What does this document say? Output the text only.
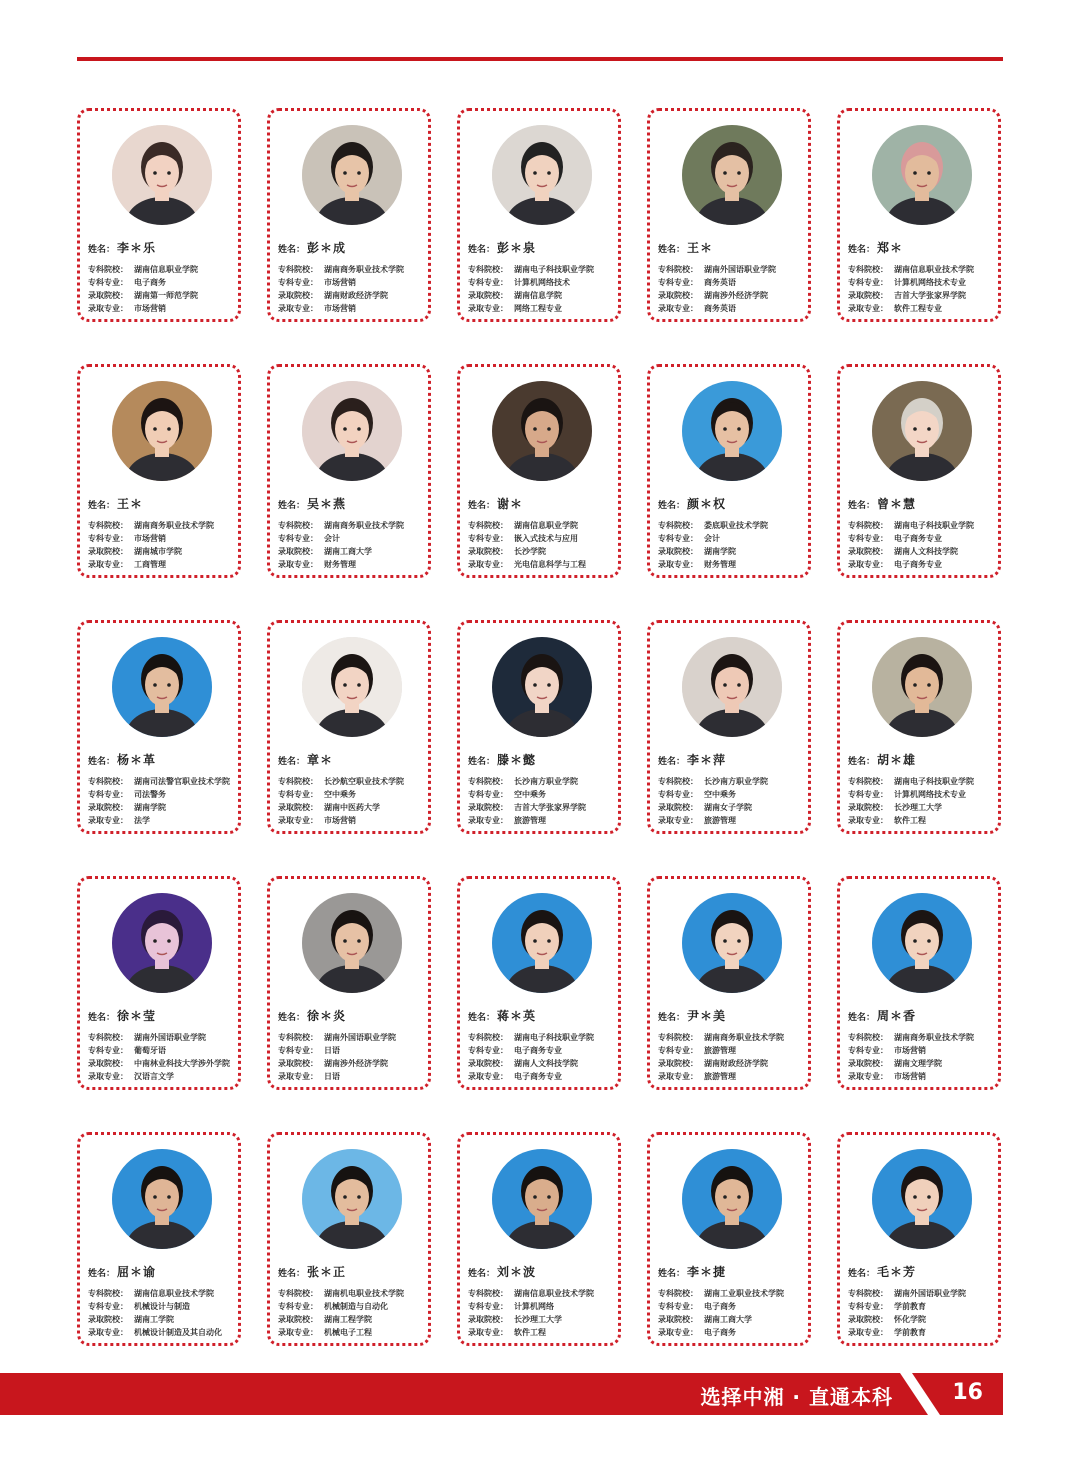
姓名： 李＊乐
专科院校： 湖南信息职业学院
专科专业： 电子商务
录取院校： 湖南第一师范学院
录取专业： 市场营销
姓名： 彭＊成
专科院校： 湖南商务职业技术学院
专科专业： 市场营销
录取院校： 湖南财政经济学院
录取专业： 市场营销
姓名： 彭＊泉
专科院校： 湖南电子科技职业学院
专科专业： 计算机网络技术
录取院校： 湖南信息学院
录取专业： 网络工程专业
姓名： 王＊
专科院校： 湖南外国语职业学院
专科专业： 商务英语
录取院校： 湖南涉外经济学院
录取专业： 商务英语
姓名： 郑＊
专科院校： 湖南信息职业技术学院
专科专业： 计算机网络技术专业
录取院校： 吉首大学张家界学院
录取专业： 软件工程专业
姓名： 王＊
专科院校： 湖南商务职业技术学院
专科专业： 市场营销
录取院校： 湖南城市学院
录取专业： 工商管理
姓名： 吴＊燕
专科院校： 湖南商务职业技术学院
专科专业： 会计
录取院校： 湖南工商大学
录取专业： 财务管理
姓名： 谢＊
专科院校： 湖南信息职业学院
专科专业： 嵌入式技术与应用
录取院校： 长沙学院
录取专业： 光电信息科学与工程
姓名： 颜＊权
专科院校： 娄底职业技术学院
专科专业： 会计
录取院校： 湖南学院
录取专业： 财务管理
姓名： 曾＊慧
专科院校： 湖南电子科技职业学院
专科专业： 电子商务专业
录取院校： 湖南人文科技学院
录取专业： 电子商务专业
姓名： 杨＊革
专科院校： 湖南司法警官职业技术学院
专科专业： 司法警务
录取院校： 湖南学院
录取专业： 法学
姓名： 章＊
专科院校： 长沙航空职业技术学院
专科专业： 空中乘务
录取院校： 湖南中医药大学
录取专业： 市场营销
姓名： 滕＊懿
专科院校： 长沙南方职业学院
专科专业： 空中乘务
录取院校： 吉首大学张家界学院
录取专业： 旅游管理
姓名： 李＊萍
专科院校： 长沙南方职业学院
专科专业： 空中乘务
录取院校： 湖南女子学院
录取专业： 旅游管理
姓名： 胡＊雄
专科院校： 湖南电子科技职业学院
专科专业： 计算机网络技术专业
录取院校： 长沙理工大学
录取专业： 软件工程
姓名： 徐＊莹
专科院校： 湖南外国语职业学院
专科专业： 葡萄牙语
录取院校： 中南林业科技大学涉外学院
录取专业： 汉语言文学
姓名： 徐＊炎
专科院校： 湖南外国语职业学院
专科专业： 日语
录取院校： 湖南涉外经济学院
录取专业： 日语
姓名： 蒋＊英
专科院校： 湖南电子科技职业学院
专科专业： 电子商务专业
录取院校： 湖南人文科技学院
录取专业： 电子商务专业
姓名： 尹＊美
专科院校： 湖南商务职业技术学院
专科专业： 旅游管理
录取院校： 湖南财政经济学院
录取专业： 旅游管理
姓名： 周＊香
专科院校： 湖南商务职业技术学院
专科专业： 市场营销
录取院校： 湖南文理学院
录取专业： 市场营销
姓名： 屈＊谕
专科院校： 湖南信息职业技术学院
专科专业： 机械设计与制造
录取院校： 湖南工学院
录取专业： 机械设计制造及其自动化
姓名： 张＊正
专科院校： 湖南机电职业技术学院
专科专业： 机械制造与自动化
录取院校： 湖南工程学院
录取专业： 机械电子工程
姓名： 刘＊波
专科院校： 湖南信息职业技术学院
专科专业： 计算机网络
录取院校： 长沙理工大学
录取专业： 软件工程
姓名： 李＊捷
专科院校： 湖南工业职业技术学院
专科专业： 电子商务
录取院校： 湖南工商大学
录取专业： 电子商务
姓名： 毛＊芳
专科院校： 湖南外国语职业学院
专科专业： 学前教育
录取院校： 怀化学院
录取专业： 学前教育
选择中湘 · 直通本科	16
